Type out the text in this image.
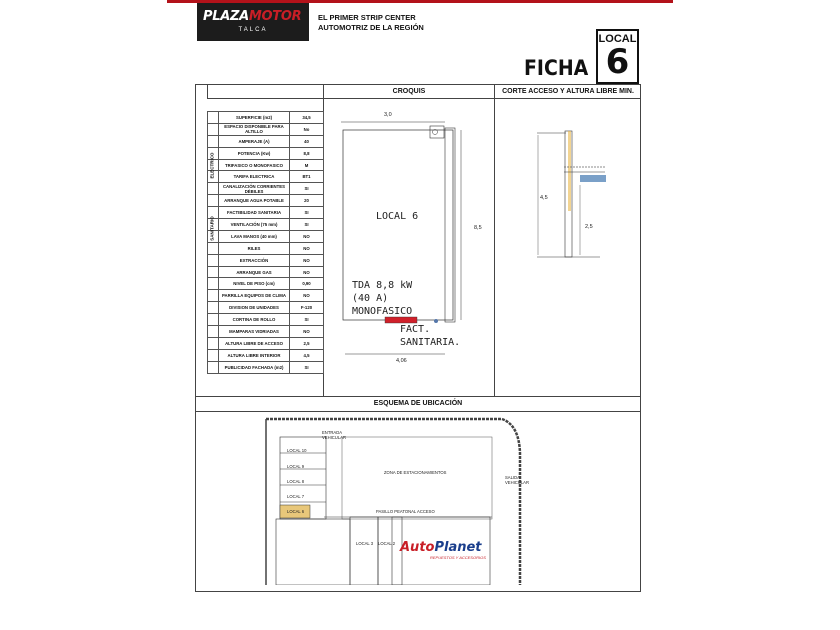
PLAZAMOTOR
TALCA
EL PRIMER STRIP CENTER
AUTOMOTRIZ DE LA REGIÓN
FICHA
LOCAL
6
CROQUIS	CORTE ACCESO Y ALTURA LIBRE MIN.
ESQUEMA DE UBICACIÓN
	SUPERFICIE (m2)	34,5
	ESPACIO DISPONIBLE PARA ALTILLO	No
	AMPERAJE (A)	40
	POTENCIA (Kw)	8,8
	TRIFASICO O MONOFASICO	M
	TARIFA ELECTRICA	BT1
	CANALIZACIÓN CORRIENTES DÉBILES	SI
	ARRANQUE AGUA POTABLE	20
	FACTIBILIDAD SANITARIA	SI
	VENTILACIÓN (75 mm)	SI
	LAVA MANOS (40 mm)	NO
	RILES	NO
	EXTRACCIÓN	NO
	ARRANQUE GAS	NO
	NIVEL DE PISO (cm)	0,90
	PARRILLA EQUIPOS DE CLIMA	NO
	DIVISION DE UNIDADES	F-120
	CORTINA DE ROLLO	SI
	MAMPARAS VIDRIADAS	NO
	ALTURA LIBRE DE ACCESO	2,5
	ALTURA LIBRE INTERIOR	4,5
	PUBLICIDAD FACHADA (m2)	SI
ELECTRICO
SANITARIO
3,0
8,5
4,06
LOCAL 6
TDA 8,8 kW
(40 A)
MONOFASICO
FACT.
SANITARIA.
4,5
2,5
ZONA DE ESTACIONAMIENTOS
LOCAL 10
LOCAL 9
LOCAL 8
LOCAL 7
LOCAL 6
LOCAL 3 LOCAL 2
ENTRADA VEHICULAR
SALIDA VEHICULAR
PASILLO PEATONAL ACCESO
AutoPlanet
REPUESTOS Y ACCESORIOS
